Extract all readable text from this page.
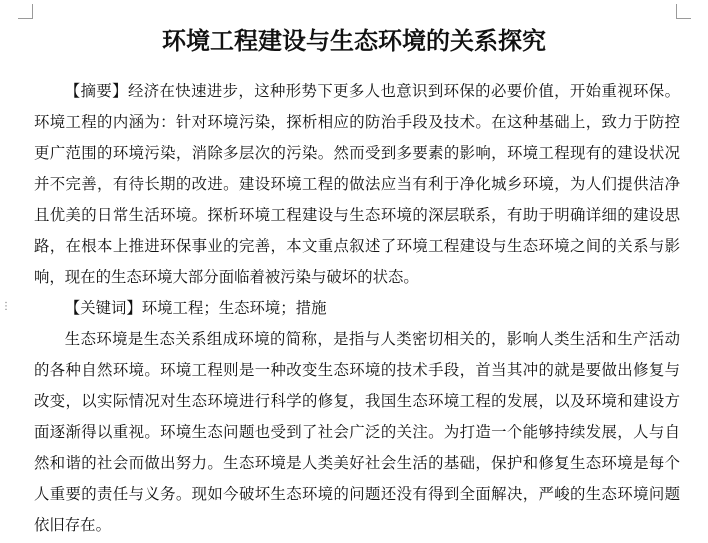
⋮
环境工程建设与生态环境的关系探究

【摘要】经济在快速进步，这种形势下更多人也意识到环保的必要价值，开始重视环保。环境工程的内涵为：针对环境污染，探析相应的防治手段及技术。在这种基础上，致力于防控更广范围的环境污染，消除多层次的污染。然而受到多要素的影响，环境工程现有的建设状况并不完善，有待长期的改进。建设环境工程的做法应当有利于净化城乡环境，为人们提供洁净且优美的日常生活环境。探析环境工程建设与生态环境的深层联系，有助于明确详细的建设思路，在根本上推进环保事业的完善，本文重点叙述了环境工程建设与生态环境之间的关系与影响，现在的生态环境大部分面临着被污染与破坏的状态。

【关键词】环境工程；生态环境；措施

生态环境是生态关系组成环境的简称，是指与人类密切相关的，影响人类生活和生产活动的各种自然环境。环境工程则是一种改变生态环境的技术手段，首当其冲的就是要做出修复与改变，以实际情况对生态环境进行科学的修复，我国生态环境工程的发展，以及环境和建设方面逐渐得以重视。环境生态问题也受到了社会广泛的关注。为打造一个能够持续发展，人与自然和谐的社会而做出努力。生态环境是人类美好社会生活的基础，保护和修复生态环境是每个人重要的责任与义务。现如今破坏生态环境的问题还没有得到全面解决，严峻的生态环境问题依旧存在。
